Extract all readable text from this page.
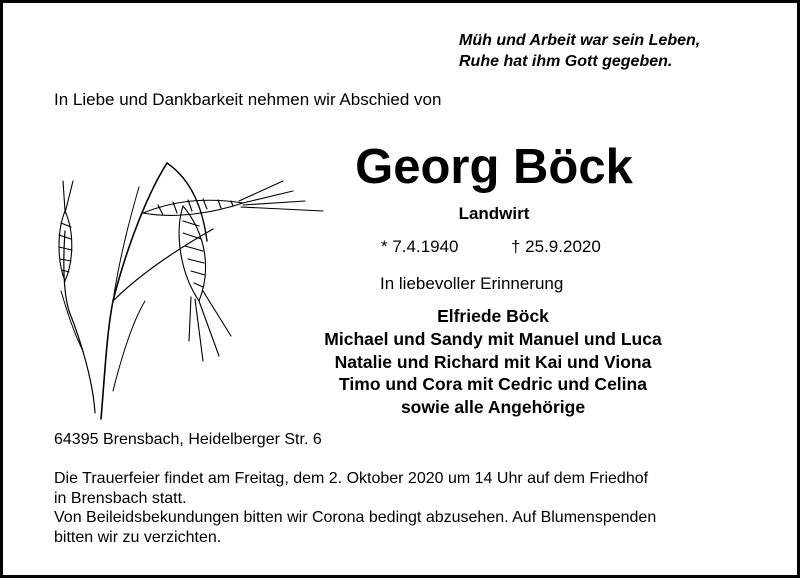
Müh und Arbeit war sein Leben,
Ruhe hat ihm Gott gegeben.
In Liebe und Dankbarkeit nehmen wir Abschied von
Georg Böck
Landwirt
* 7.4.1940	† 25.9.2020
In liebevoller Erinnerung
Elfriede Böck
Michael und Sandy mit Manuel und Luca
Natalie und Richard mit Kai und Viona
Timo und Cora mit Cedric und Celina
sowie alle Angehörige
64395 Brensbach, Heidelberger Str. 6
Die Trauerfeier findet am Freitag, dem 2. Oktober 2020 um 14 Uhr auf dem Friedhof
in Brensbach statt.
Von Beileidsbekundungen bitten wir Corona bedingt abzusehen. Auf Blumenspenden
bitten wir zu verzichten.
